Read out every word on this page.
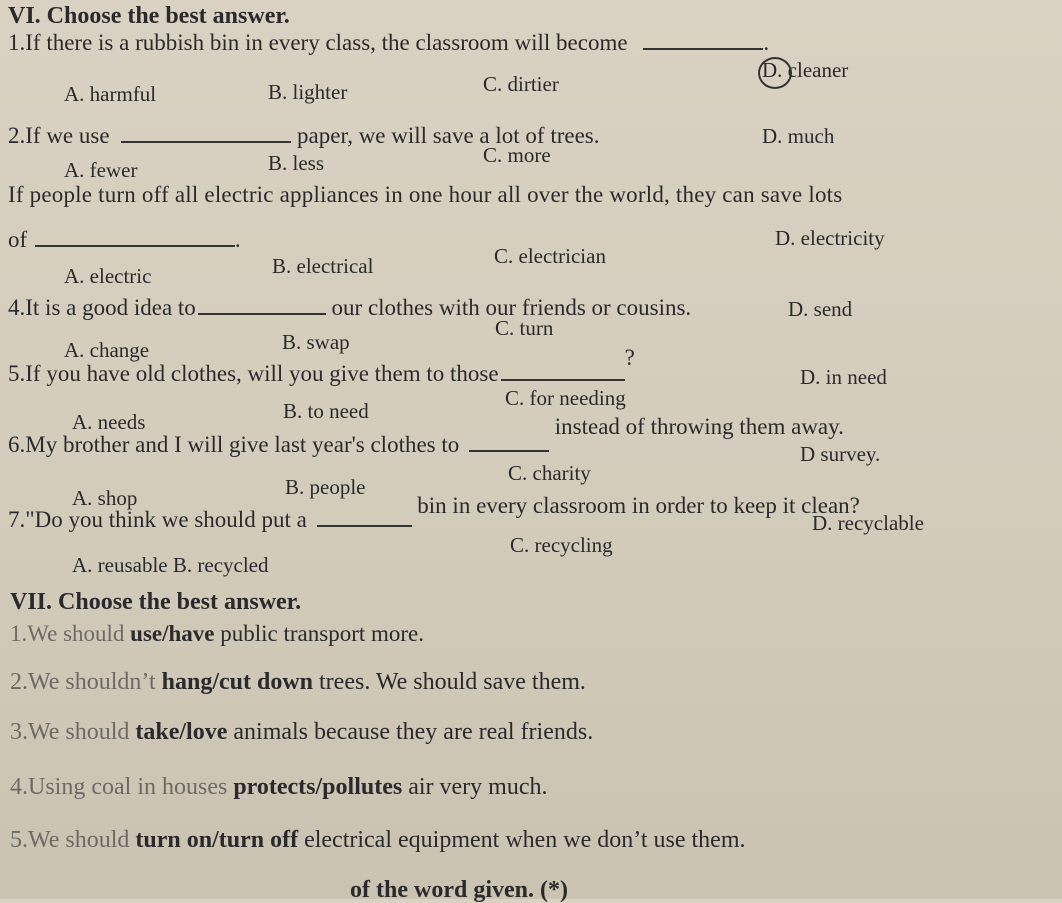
VI. Choose the best answer.
1.If there is a rubbish bin in every class, the classroom will become	.
A. harmful	B. lighter	C. dirtier
D. cleaner
2.If we use	paper, we will save a lot of trees.
A. fewer	B. less	C. more
D. much
If people turn off all electric appliances in one hour all over the world, they can save lots
of	.
A. electric	B. electrical	C. electrician
D. electricity
4.It is a good idea to	our clothes with our friends or cousins.
A. change	B. swap
C. turn
D. send
5.If you have old clothes, will you give them to those?
A. needs	B. to need
C. for needing
D. in need
6.My brother and I will give last year's clothes to  instead of throwing them away.
A. shop	B. people
C. charity
D survey.
7."Do you think we should put a  bin in every classroom in order to keep it clean?
A. reusable B. recycled
C. recycling
D. recyclable
VII. Choose the best answer.
1.We should use/have public transport more.
2.We shouldn’t hang/cut down trees. We should save them.
3.We should take/love animals because they are real friends.
4.Using coal in houses protects/pollutes air very much.
5.We should turn on/turn off electrical equipment when we don’t use them.
of the word given. (*)
